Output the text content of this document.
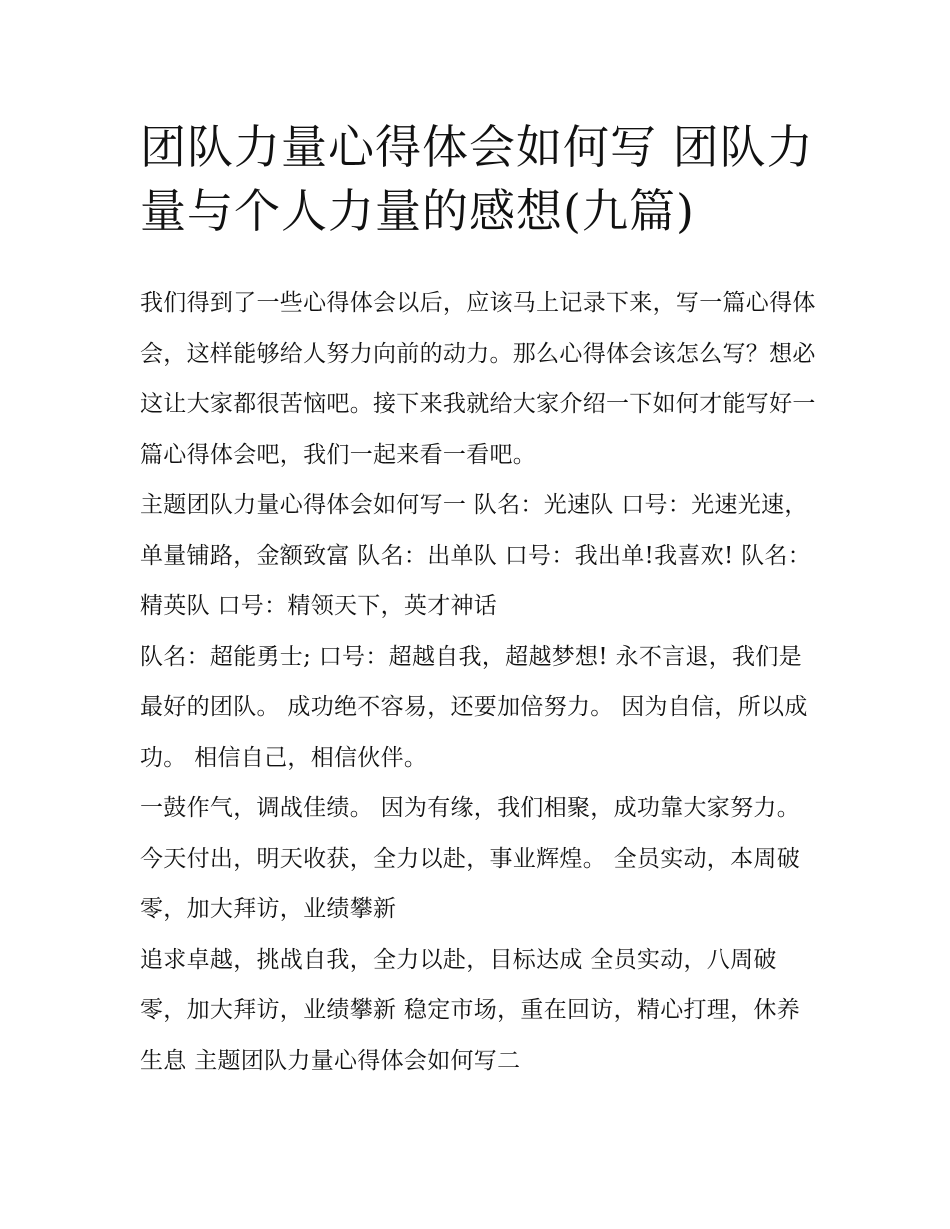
团队力量心得体会如何写 团队力量与个人力量的感想(九篇)

我们得到了一些心得体会以后，应该马上记录下来，写一篇心得体会，这样能够给人努力向前的动力。那么心得体会该怎么写？想必这让大家都很苦恼吧。接下来我就给大家介绍一下如何才能写好一篇心得体会吧，我们一起来看一看吧。

主题团队力量心得体会如何写一 队名：光速队 口号：光速光速，单量铺路，金额致富 队名：出单队 口号：我出单!我喜欢! 队名：精英队 口号：精领天下，英才神话

队名：超能勇士; 口号：超越自我，超越梦想! 永不言退，我们是最好的团队。 成功绝不容易，还要加倍努力。 因为自信，所以成功。 相信自己，相信伙伴。

一鼓作气，调战佳绩。 因为有缘，我们相聚，成功靠大家努力。 今天付出，明天收获，全力以赴，事业辉煌。 全员实动，本周破零，加大拜访，业绩攀新

追求卓越，挑战自我，全力以赴，目标达成 全员实动，八周破零，加大拜访，业绩攀新 稳定市场，重在回访，精心打理，休养生息 主题团队力量心得体会如何写二
